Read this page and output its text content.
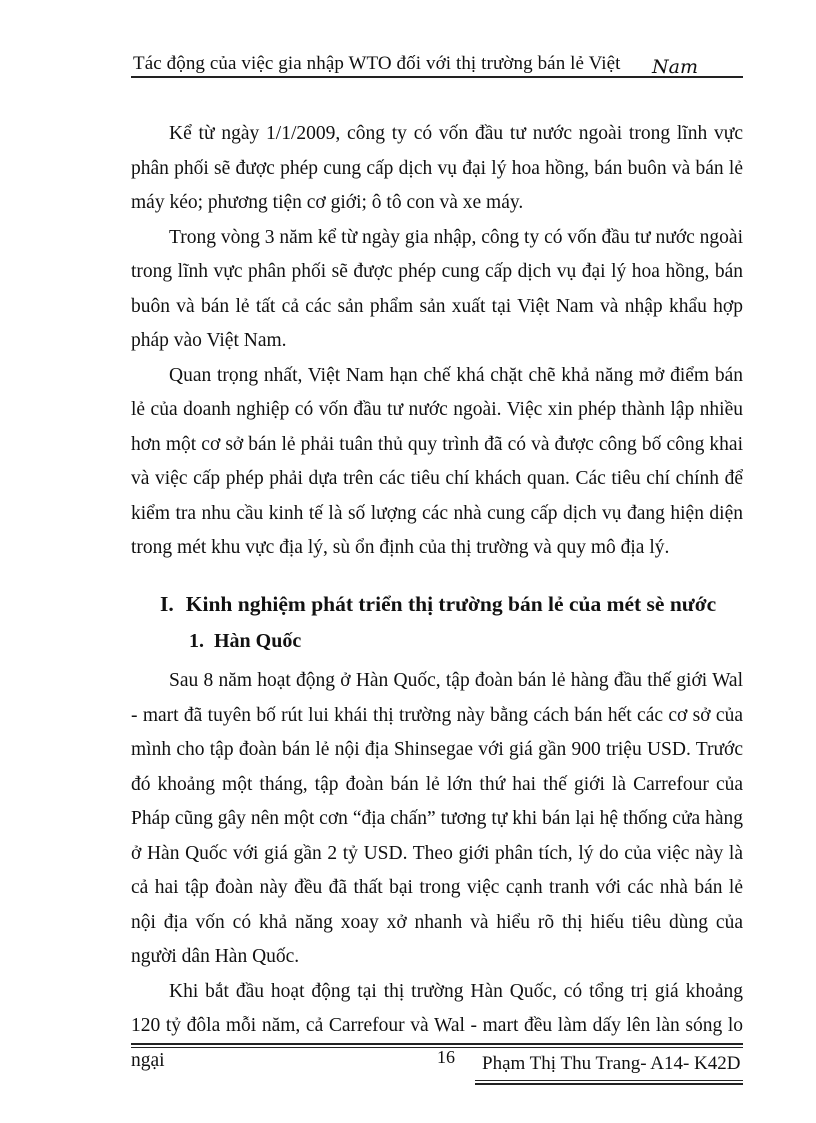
Tác động của việc gia nhập WTO đối với thị trường bán lẻ Việt Nam

Kể từ ngày 1/1/2009, công ty có vốn đầu tư nước ngoài trong lĩnh vực phân phối sẽ được phép cung cấp dịch vụ đại lý hoa hồng, bán buôn và bán lẻ máy kéo; phương tiện cơ giới; ô tô con và xe máy.

Trong vòng 3 năm kể từ ngày gia nhập, công ty có vốn đầu tư nước ngoài trong lĩnh vực phân phối sẽ được phép cung cấp dịch vụ đại lý hoa hồng, bán buôn và bán lẻ tất cả các sản phẩm sản xuất tại Việt Nam và nhập khẩu hợp pháp vào Việt Nam.

Quan trọng nhất, Việt Nam hạn chế khá chặt chẽ khả năng mở điểm bán lẻ của doanh nghiệp có vốn đầu tư nước ngoài. Việc xin phép thành lập nhiều hơn một cơ sở bán lẻ phải tuân thủ quy trình đã có và được công bố công khai và việc cấp phép phải dựa trên các tiêu chí khách quan. Các tiêu chí chính để kiểm tra nhu cầu kinh tế là số lượng các nhà cung cấp dịch vụ đang hiện diện trong mét khu vực địa lý, sù ổn định của thị trường và quy mô địa lý.

I. Kinh nghiệm phát triển thị trường bán lẻ của mét sè nước
1. Hàn Quốc

Sau 8 năm hoạt động ở Hàn Quốc, tập đoàn bán lẻ hàng đầu thế giới Wal - mart đã tuyên bố rút lui khái thị trường này bằng cách bán hết các cơ sở của mình cho tập đoàn bán lẻ nội địa Shinsegae với giá gần 900 triệu USD. Trước đó khoảng một tháng, tập đoàn bán lẻ lớn thứ hai thế giới là Carrefour của Pháp cũng gây nên một cơn “địa chấn” tương tự khi bán lại hệ thống cửa hàng ở Hàn Quốc với giá gần 2 tỷ USD. Theo giới phân tích, lý do của việc này là cả hai tập đoàn này đều đã thất bại trong việc cạnh tranh với các nhà bán lẻ nội địa vốn có khả năng xoay xở nhanh và hiểu rõ thị hiếu tiêu dùng của người dân Hàn Quốc.

Khi bắt đầu hoạt động tại thị trường Hàn Quốc, có tổng trị giá khoảng 120 tỷ đôla mỗi năm, cả Carrefour và Wal - mart đều làm dấy lên làn sóng lo ngại	16 Phạm Thị Thu Trang- A14- K42D
